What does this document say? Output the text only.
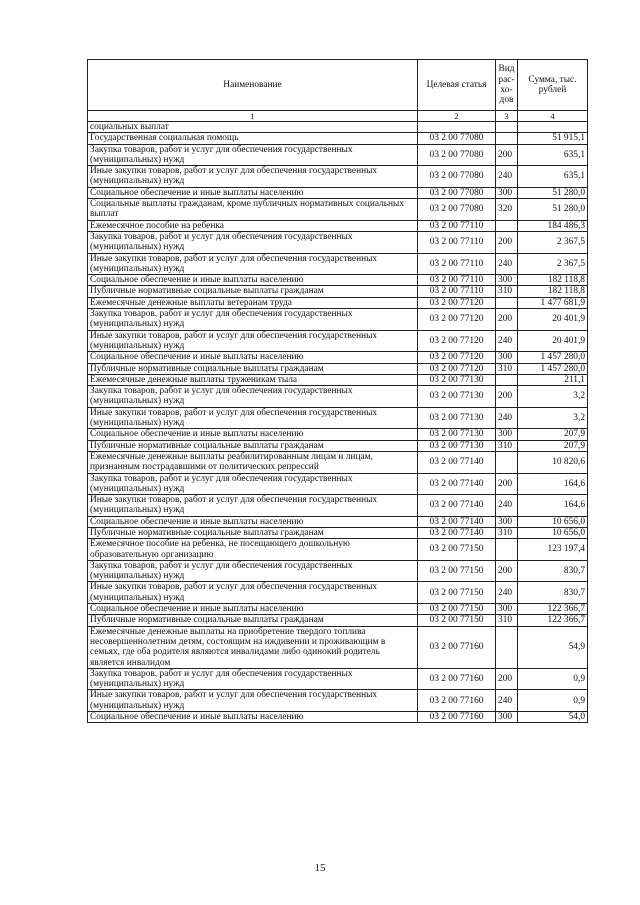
Наименование	Целевая статья	Вид рас-хо-дов	Сумма, тыс. рублей
1	2	3	4
социальных выплат			
Государственная социальная помощь	03 2 00 77080		51 915,1
Закупка товаров, работ и услуг для обеспечения государственных (муниципальных) нужд	03 2 00 77080	200	635,1
Иные закупки товаров, работ и услуг для обеспечения государственных (муниципальных) нужд	03 2 00 77080	240	635,1
Социальное обеспечение и иные выплаты населению	03 2 00 77080	300	51 280,0
Социальные выплаты гражданам, кроме публичных нормативных социальных выплат	03 2 00 77080	320	51 280,0
Ежемесячное пособие на ребенка	03 2 00 77110		184 486,3
Закупка товаров, работ и услуг для обеспечения государственных (муниципальных) нужд	03 2 00 77110	200	2 367,5
Иные закупки товаров, работ и услуг для обеспечения государственных (муниципальных) нужд	03 2 00 77110	240	2 367,5
Социальное обеспечение и иные выплаты населению	03 2 00 77110	300	182 118,8
Публичные нормативные социальные выплаты гражданам	03 2 00 77110	310	182 118,8
Ежемесячные денежные выплаты ветеранам труда	03 2 00 77120		1 477 681,9
Закупка товаров, работ и услуг для обеспечения государственных (муниципальных) нужд	03 2 00 77120	200	20 401,9
Иные закупки товаров, работ и услуг для обеспечения государственных (муниципальных) нужд	03 2 00 77120	240	20 401,9
Социальное обеспечение и иные выплаты населению	03 2 00 77120	300	1 457 280,0
Публичные нормативные социальные выплаты гражданам	03 2 00 77120	310	1 457 280,0
Ежемесячные денежные выплаты труженикам тыла	03 2 00 77130		211,1
Закупка товаров, работ и услуг для обеспечения государственных (муниципальных) нужд	03 2 00 77130	200	3,2
Иные закупки товаров, работ и услуг для обеспечения государственных (муниципальных) нужд	03 2 00 77130	240	3,2
Социальное обеспечение и иные выплаты населению	03 2 00 77130	300	207,9
Публичные нормативные социальные выплаты гражданам	03 2 00 77130	310	207,9
Ежемесячные денежные выплаты реабилитированным лицам и лицам, признанным пострадавшими от политических репрессий	03 2 00 77140		10 820,6
Закупка товаров, работ и услуг для обеспечения государственных (муниципальных) нужд	03 2 00 77140	200	164,6
Иные закупки товаров, работ и услуг для обеспечения государственных (муниципальных) нужд	03 2 00 77140	240	164,6
Социальное обеспечение и иные выплаты населению	03 2 00 77140	300	10 656,0
Публичные нормативные социальные выплаты гражданам	03 2 00 77140	310	10 656,0
Ежемесячное пособие на ребенка, не посещающего дошкольную образовательную организацию	03 2 00 77150		123 197,4
Закупка товаров, работ и услуг для обеспечения государственных (муниципальных) нужд	03 2 00 77150	200	830,7
Иные закупки товаров, работ и услуг для обеспечения государственных (муниципальных) нужд	03 2 00 77150	240	830,7
Социальное обеспечение и иные выплаты населению	03 2 00 77150	300	122 366,7
Публичные нормативные социальные выплаты гражданам	03 2 00 77150	310	122 366,7
Ежемесячные денежные выплаты на приобретение твердого топлива несовершеннолетним детям, состоящим на иждивении и проживающим в семьях, где оба родителя являются инвалидами либо одинокий родитель является инвалидом	03 2 00 77160		54,9
Закупка товаров, работ и услуг для обеспечения государственных (муниципальных) нужд	03 2 00 77160	200	0,9
Иные закупки товаров, работ и услуг для обеспечения государственных (муниципальных) нужд	03 2 00 77160	240	0,9
Социальное обеспечение и иные выплаты населению	03 2 00 77160	300	54,0
15
